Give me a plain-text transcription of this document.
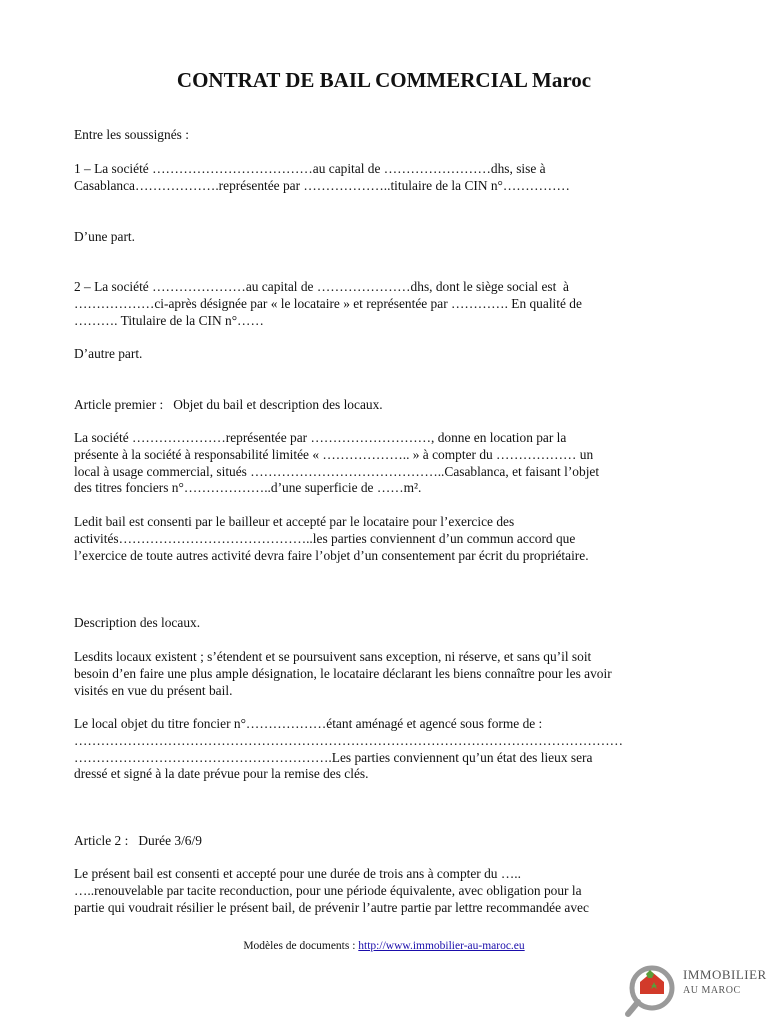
CONTRAT DE BAIL COMMERCIAL Maroc

Entre les soussignés :

1 – La société ………………………………au capital de ……………………dhs, sise à
Casablanca……………….représentée par ………………..titulaire de la CIN n°……………

D’une part.

2 – La société …………………au capital de …………………dhs, dont le siège social est  à
………………ci-après désignée par « le locataire » et représentée par …………. En qualité de
………. Titulaire de la CIN n°……

D’autre part.

Article premier :   Objet du bail et description des locaux.

La société …………………représentée par ………………………, donne en location par la
présente à la société à responsabilité limitée « ……………….. » à compter du ……………… un
local à usage commercial, situés ……………………………………..Casablanca, et faisant l’objet
des titres fonciers n°………………..d’une superficie de ……m².

Ledit bail est consenti par le bailleur et accepté par le locataire pour l’exercice des
activités……………………………………..les parties conviennent d’un commun accord que
l’exercice de toute autres activité devra faire l’objet d’un consentement par écrit du propriétaire.

Description des locaux.

Lesdits locaux existent ; s’étendent et se poursuivent sans exception, ni réserve, et sans qu’il soit
besoin d’en faire une plus ample désignation, le locataire déclarant les biens connaître pour les avoir
visités en vue du présent bail.

Le local objet du titre foncier n°………………étant aménagé et agencé sous forme de :
……………………………………………………………………………………………………………
………………………………………………….Les parties conviennent qu’un état des lieux sera
dressé et signé à la date prévue pour la remise des clés.

Article 2 :   Durée 3/6/9

Le présent bail est consenti et accepté pour une durée de trois ans à compter du …..
…..renouvelable par tacite reconduction, pour une période équivalente, avec obligation pour la
partie qui voudrait résilier le présent bail, de prévenir l’autre partie par lettre recommandée avec

Modèles de documents : http://www.immobilier-au-maroc.eu
IMMOBILIER
AU MAROC
